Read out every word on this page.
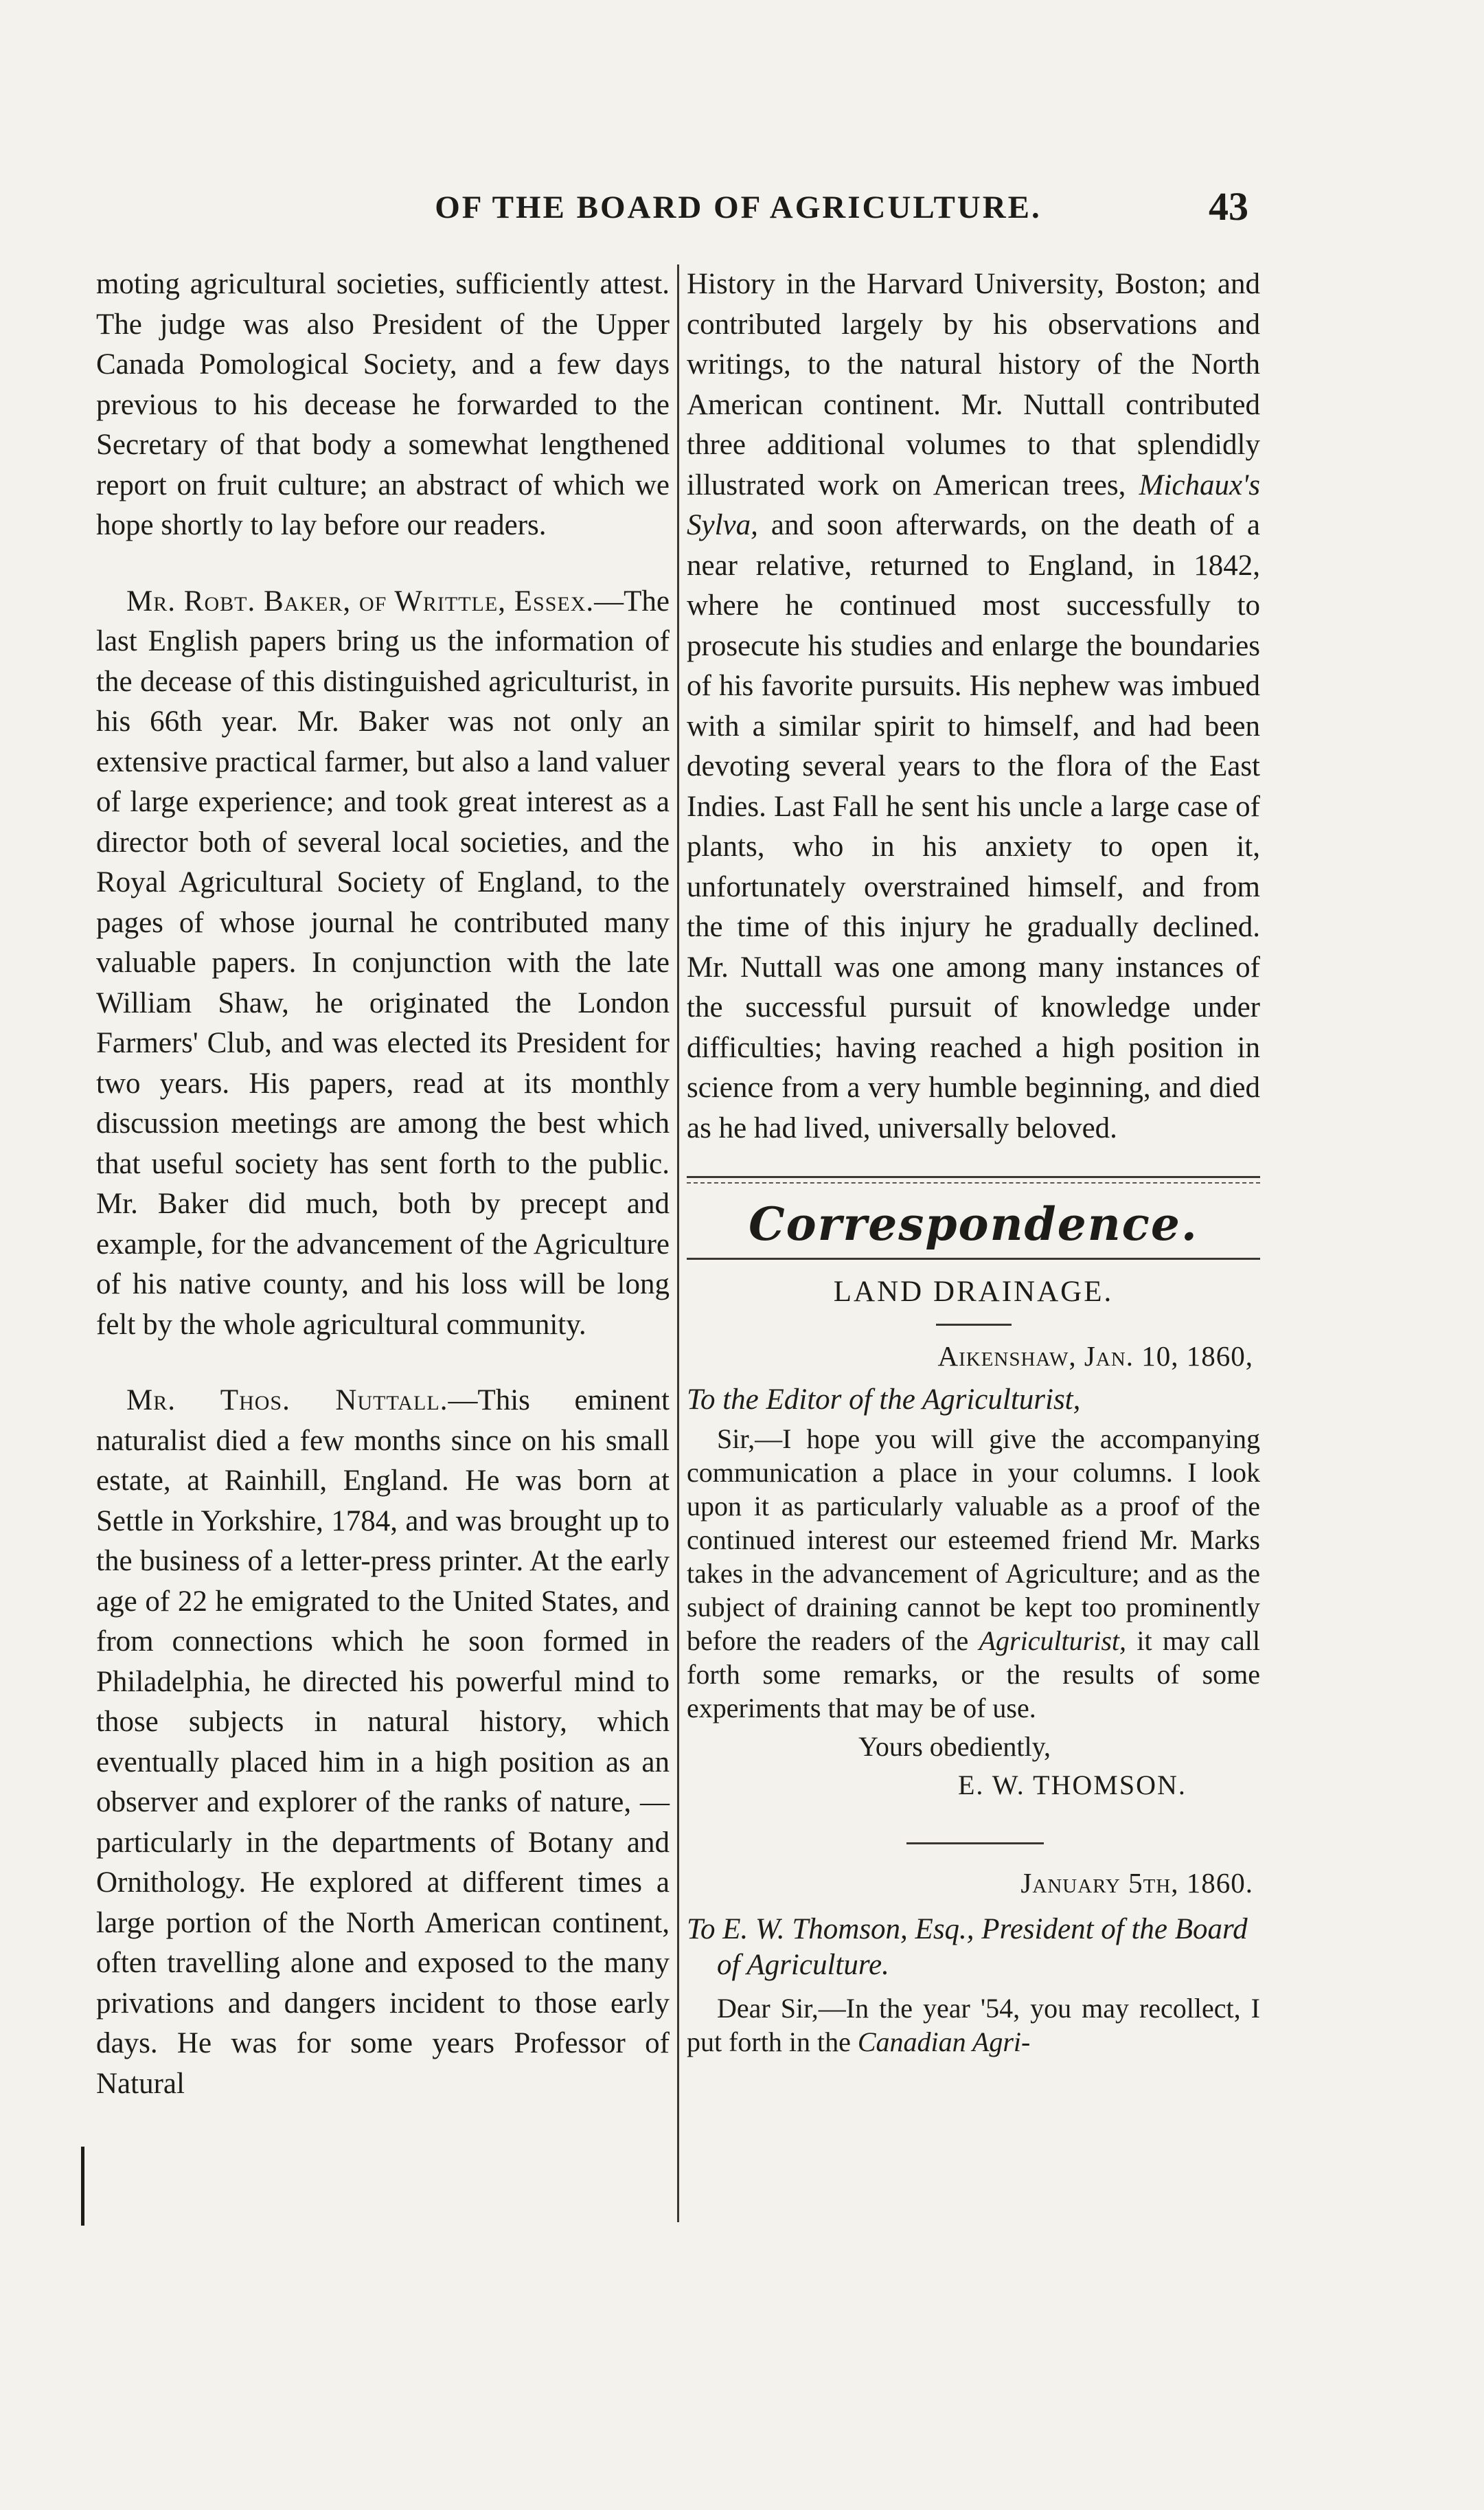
OF THE BOARD OF AGRICULTURE.	43

moting agricultural societies, sufficiently attest. The judge was also President of the Upper Canada Pomological Society, and a few days previous to his decease he forwarded to the Secretary of that body a somewhat lengthened report on fruit culture; an abstract of which we hope shortly to lay before our readers.

Mr. Robt. Baker, of Writtle, Essex.—The last English papers bring us the information of the decease of this distinguished agriculturist, in his 66th year. Mr. Baker was not only an extensive practical farmer, but also a land valuer of large experience; and took great interest as a director both of several local societies, and the Royal Agricultural Society of England, to the pages of whose journal he contributed many valuable papers. In conjunction with the late William Shaw, he originated the London Farmers' Club, and was elected its President for two years. His papers, read at its monthly discussion meetings are among the best which that useful society has sent forth to the public. Mr. Baker did much, both by precept and example, for the advancement of the Agriculture of his native county, and his loss will be long felt by the whole agricultural community.

Mr. Thos. Nuttall.—This eminent naturalist died a few months since on his small estate, at Rainhill, England. He was born at Settle in Yorkshire, 1784, and was brought up to the business of a letter-press printer. At the early age of 22 he emigrated to the United States, and from connections which he soon formed in Philadelphia, he directed his powerful mind to those subjects in natural history, which eventually placed him in a high position as an observer and explorer of the ranks of nature, —particularly in the departments of Botany and Ornithology. He explored at different times a large portion of the North American continent, often travelling alone and exposed to the many privations and dangers incident to those early days. He was for some years Professor of Natural

History in the Harvard University, Boston; and contributed largely by his observations and writings, to the natural history of the North American continent. Mr. Nuttall contributed three additional volumes to that splendidly illustrated work on American trees, Michaux's Sylva, and soon afterwards, on the death of a near relative, returned to England, in 1842, where he continued most successfully to prosecute his studies and enlarge the boundaries of his favorite pursuits. His nephew was imbued with a similar spirit to himself, and had been devoting several years to the flora of the East Indies. Last Fall he sent his uncle a large case of plants, who in his anxiety to open it, unfortunately overstrained himself, and from the time of this injury he gradually declined. Mr. Nuttall was one among many instances of the successful pursuit of knowledge under difficulties; having reached a high position in science from a very humble beginning, and died as he had lived, universally beloved.

Correspondence.
LAND DRAINAGE.
Aikenshaw, Jan. 10, 1860,
To the Editor of the Agriculturist,

Sir,—I hope you will give the accompanying communication a place in your columns. I look upon it as particularly valuable as a proof of the continued interest our esteemed friend Mr. Marks takes in the advancement of Agriculture; and as the subject of draining cannot be kept too prominently before the readers of the Agriculturist, it may call forth some remarks, or the results of some experiments that may be of use.

Yours obediently,
E. W. THOMSON.
January 5th, 1860.
To E. W. Thomson, Esq., President of the Board of Agriculture.

Dear Sir,—In the year '54, you may recollect, I put forth in the Canadian Agri-
